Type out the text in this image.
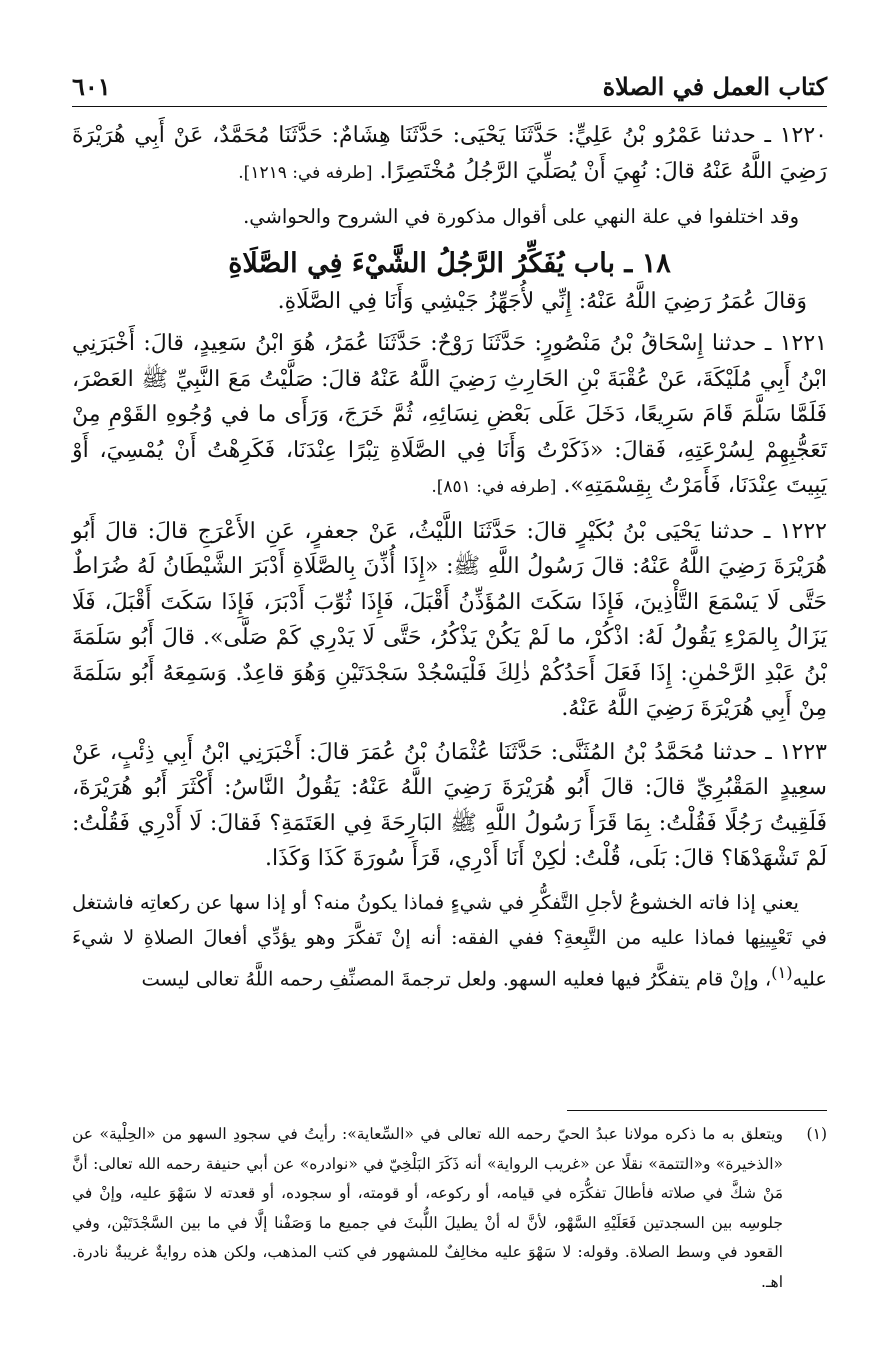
كتاب العمل في الصلاة
٦٠١

١٢٢٠ ـ حدثنا عَمْرُو بْنُ عَلِيٍّ: حَدَّثَنَا يَحْيَى: حَدَّثَنَا هِشَامٌ: حَدَّثَنَا مُحَمَّدٌ، عَنْ أَبِي هُرَيْرَةَ رَضِيَ اللَّهُ عَنْهُ قالَ: نُهِيَ أَنْ يُصَلِّيَ الرَّجُلُ مُخْتَصِرًا. [طرفه في: ١٢١٩].

وقد اختلفوا في علة النهي على أقوال مذكورة في الشروح والحواشي.

١٨ ـ باب يُفَكِّرُ الرَّجُلُ الشَّيْءَ فِي الصَّلَاةِ

وَقالَ عُمَرُ رَضِيَ اللَّهُ عَنْهُ: إِنِّي لأُجَهِّزُ جَيْشِي وَأَنَا فِي الصَّلَاةِ.

١٢٢١ ـ حدثنا إِسْحَاقُ بْنُ مَنْصُورٍ: حَدَّثَنَا رَوْحٌ: حَدَّثَنَا عُمَرُ، هُوَ ابْنُ سَعِيدٍ، قالَ: أَخْبَرَنِي ابْنُ أَبِي مُلَيْكَةَ، عَنْ عُقْبَةَ بْنِ الحَارِثِ رَضِيَ اللَّهُ عَنْهُ قالَ: صَلَّيْتُ مَعَ النَّبِيِّ ﷺ العَصْرَ، فَلَمَّا سَلَّمَ قَامَ سَرِيعًا، دَخَلَ عَلَى بَعْضِ نِسَائِهِ، ثُمَّ خَرَجَ، وَرَأَى ما في وُجُوهِ القَوْمِ مِنْ تَعَجُّبِهِمْ لِسُرْعَتِهِ، فَقالَ: «ذَكَرْتُ وَأَنَا فِي الصَّلَاةِ تِبْرًا عِنْدَنَا، فَكَرِهْتُ أَنْ يُمْسِيَ، أَوْ يَبِيتَ عِنْدَنَا، فَأَمَرْتُ بِقِسْمَتِهِ». [طرفه في: ٨٥١].

١٢٢٢ ـ حدثنا يَحْيَى بْنُ بُكَيْرٍ قالَ: حَدَّثَنَا اللَّيْثُ، عَنْ جعفرٍ، عَنِ الأَعْرَجِ قالَ: قالَ أَبُو هُرَيْرَةَ رَضِيَ اللَّهُ عَنْهُ: قالَ رَسُولُ اللَّهِ ﷺ: «إِذَا أُذِّنَ بِالصَّلَاةِ أَدْبَرَ الشَّيْطَانُ لَهُ ضُرَاطٌ حَتَّى لَا يَسْمَعَ التَّأْذِينَ، فَإِذَا سَكَتَ المُؤَذِّنُ أَقْبَلَ، فَإِذَا ثُوِّبَ أَدْبَرَ، فَإِذَا سَكَتَ أَقْبَلَ، فَلَا يَزَالُ بِالمَرْءِ يَقُولُ لَهُ: اذْكُرْ، ما لَمْ يَكُنْ يَذْكُرُ، حَتَّى لَا يَدْرِي كَمْ صَلَّى». قالَ أَبُو سَلَمَةَ بْنُ عَبْدِ الرَّحْمٰنِ: إِذَا فَعَلَ أَحَدُكُمْ ذٰلِكَ فَلْيَسْجُدْ سَجْدَتَيْنِ وَهُوَ قاعِدٌ. وَسَمِعَهُ أَبُو سَلَمَةَ مِنْ أَبِي هُرَيْرَةَ رَضِيَ اللَّهُ عَنْهُ.

١٢٢٣ ـ حدثنا مُحَمَّدُ بْنُ المُثَنَّى: حَدَّثَنَا عُثْمَانُ بْنُ عُمَرَ قالَ: أَخْبَرَنِي ابْنُ أَبِي ذِئْبٍ، عَنْ سعِيدٍ المَقْبُرِيِّ قالَ: قالَ أَبُو هُرَيْرَةَ رَضِيَ اللَّهُ عَنْهُ: يَقُولُ النَّاسُ: أَكْثَرَ أَبُو هُرَيْرَةَ، فَلَقِيتُ رَجُلًا فَقُلْتُ: بِمَا قَرَأَ رَسُولُ اللَّهِ ﷺ البَارِحَةَ فِي العَتَمَةِ؟ فَقالَ: لَا أَدْرِي فَقُلْتُ: لَمْ تَشْهَدْهَا؟ قالَ: بَلَى، قُلْتُ: لٰكِنْ أَنَا أَدْرِي، قَرَأَ سُورَةَ كَذَا وَكَذَا.

يعني إذا فاته الخشوعُ لأجلِ التَّفكُّرِ في شيءٍ فماذا يكونُ منه؟ أو إذا سها عن ركعاتِه فاشتغل في تَعْيِينِها فماذا عليه من التَّبِعةِ؟ ففي الفقه: أنه إنْ تَفكَّرَ وهو يؤدِّي أفعالَ الصلاةِ لا شيءَ عليه$^{(١)}$، وإنْ قام يتفكَّرُ فيها فعليه السهو. ولعل ترجمةَ المصنِّفِ رحمه اللَّهُ تعالى ليست

(١)
ويتعلق به ما ذكره مولانا عبدُ الحيّ رحمه الله تعالى في «السِّعاية»: رأيتُ في سجودِ السهو من «الحِلْية» عن «الذخيرة» و«التتمة» نقلًا عن «غريب الرواية» أنه ذَكَرَ البَلْخِيّ في «نوادره» عن أبي حنيفة رحمه الله تعالى: أنَّ مَنْ شكَّ في صلاته فأطالَ تفكُّرَه في قيامه، أو ركوعه، أو قومته، أو سجوده، أو قعدته لا سَهْوَ عليه، وإنْ في جلوسِه بين السجدتين فَعَلَيْهِ السَّهْو، لأنَّ له أنْ يطيلَ اللُّبثَ في جميع ما وَصَفْنا إلَّا في ما بين السَّجْدَتَيْن، وفي القعود في وسط الصلاة. وقوله: لا سَهْوَ عليه مخالِفٌ للمشهور في كتب المذهب، ولكن هذه روايةٌ غريبةٌ نادرة. اهـ.
